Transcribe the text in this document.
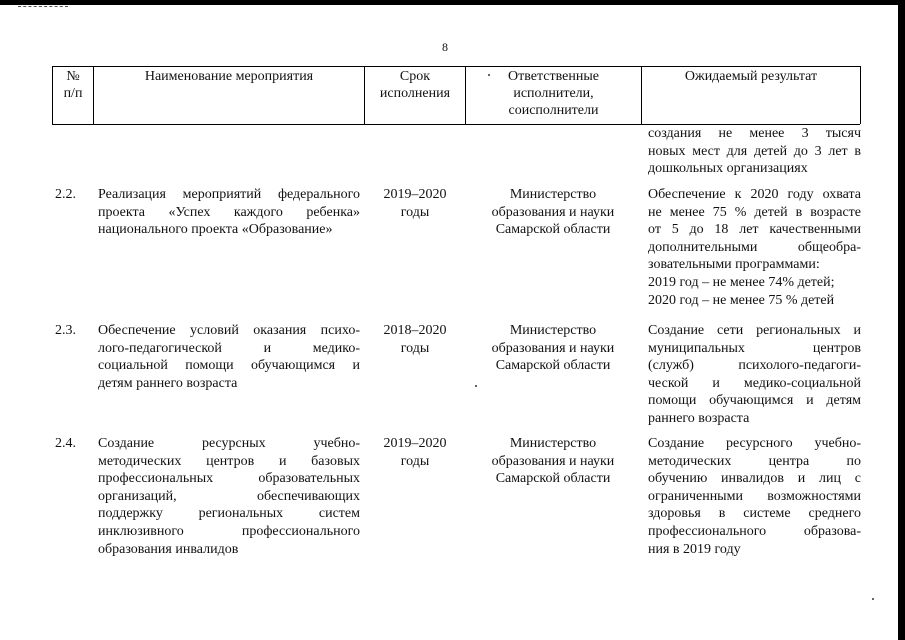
8
№
п/п
Наименование мероприятия	Срок
исполнения
Ответственные
исполнители,
соисполнители
Ожидаемый результат
создания не менее 3 тысяч
новых мест для детей до 3 лет в
дошкольных организациях
2.2. Реализация мероприятий федерального
проекта «Успех каждого ребенка»
национального проекта «Образование»
2019–2020
годы
Министерство
образования и науки
Самарской области
Обеспечение к 2020 году охвата
не менее 75 % детей в возрасте
от 5 до 18 лет качественными
дополнительными общеобра-
зовательными программами:
2019 год – не менее 74% детей;
2020 год – не менее 75 % детей
2.3. Обеспечение условий оказания психо-
лого-педагогической и медико-
социальной помощи обучающимся и
детям раннего возраста
2018–2020
годы
Министерство
образования и науки
Самарской области
Создание сети региональных и
муниципальных центров
(служб) психолого-педагоги-
ческой и медико-социальной
помощи обучающимся и детям
раннего возраста
2.4. Создание ресурсных учебно-
методических центров и базовых
профессиональных образовательных
организаций, обеспечивающих
поддержку региональных систем
инклюзивного профессионального
образования инвалидов
2019–2020
годы
Министерство
образования и науки
Самарской области
Создание ресурсного учебно-
методических центра по
обучению инвалидов и лиц с
ограниченными возможностями
здоровья в системе среднего
профессионального образова-
ния в 2019 году
